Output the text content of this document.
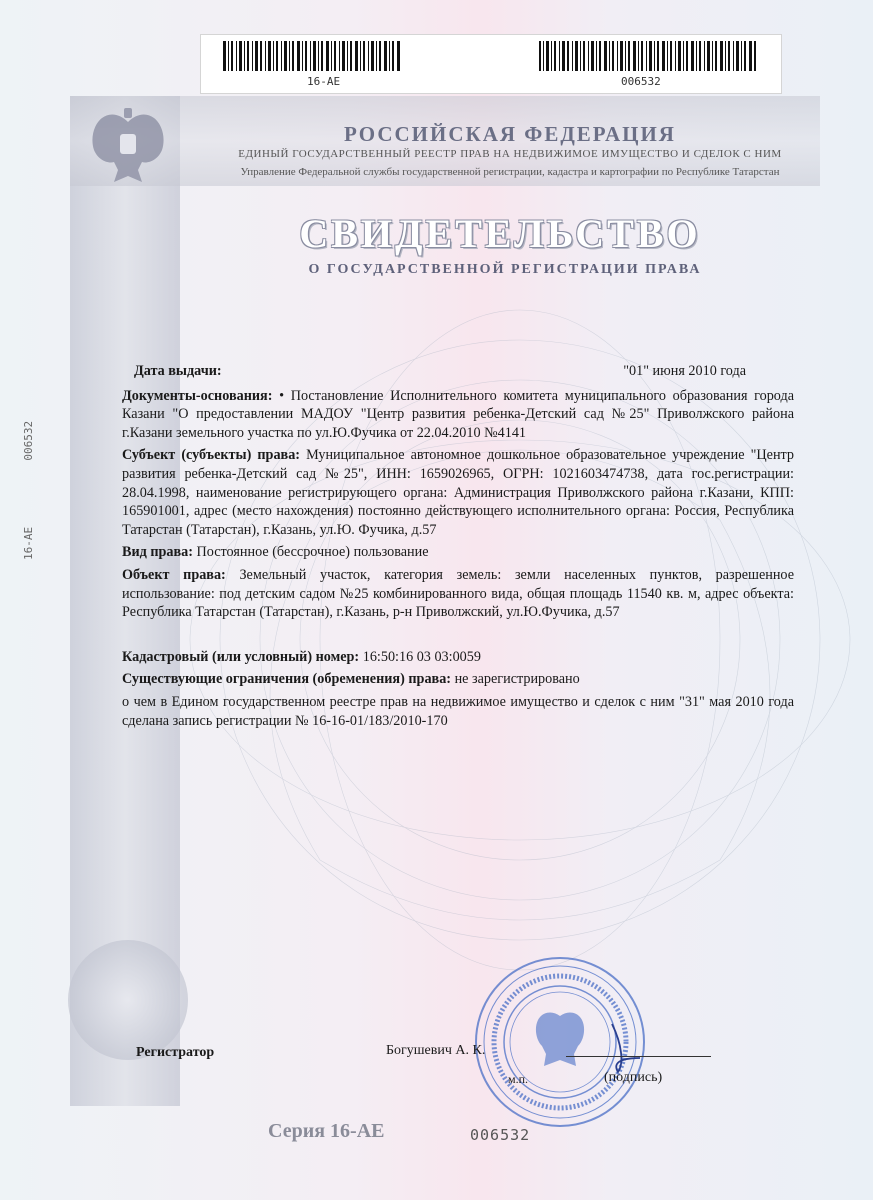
16-АЕ	006532
РОССИЙСКАЯ ФЕДЕРАЦИЯ
ЕДИНЫЙ ГОСУДАРСТВЕННЫЙ РЕЕСТР ПРАВ НА НЕДВИЖИМОЕ ИМУЩЕСТВО И СДЕЛОК С НИМ
Управление Федеральной службы государственной регистрации, кадастра и картографии по Республике Татарстан
СВИДЕТЕЛЬСТВО
О ГОСУДАРСТВЕННОЙ РЕГИСТРАЦИИ ПРАВА
16-АЕ          006532

Дата выдачи:	"01" июня 2010 года

Документы-основания: • Постановление Исполнительного комитета муниципального образования города Казани "О предоставлении МАДОУ "Центр развития ребенка-Детский сад №25" Приволжского района г.Казани земельного участка по ул.Ю.Фучика от 22.04.2010 №4141

Субъект (субъекты) права: Муниципальное автономное дошкольное образовательное учреждение "Центр развития ребенка-Детский сад №25", ИНН: 1659026965, ОГРН: 1021603474738, дата гос.регистрации: 28.04.1998, наименование регистрирующего органа: Администрация Приволжского района г.Казани, КПП: 165901001, адрес (место нахождения) постоянно действующего исполнительного органа: Россия, Республика Татарстан (Татарстан), г.Казань, ул.Ю. Фучика, д.57

Вид права: Постоянное (бессрочное) пользование

Объект права: Земельный участок, категория земель: земли населенных пунктов, разрешенное использование: под детским садом №25 комбинированного вида, общая площадь 11540 кв. м, адрес объекта: Республика Татарстан (Татарстан), г.Казань, р-н Приволжский, ул.Ю.Фучика, д.57

Кадастровый (или условный) номер: 16:50:16 03 03:0059

Существующие ограничения (обременения) права: не зарегистрировано

о чем в Едином государственном реестре прав на недвижимое имущество и сделок с ним "31" мая 2010 года сделана запись регистрации № 16-16-01/183/2010-170

Регистратор	Богушевич А. К.
м.п.	(подпись)
Серия 16-АЕ	006532
